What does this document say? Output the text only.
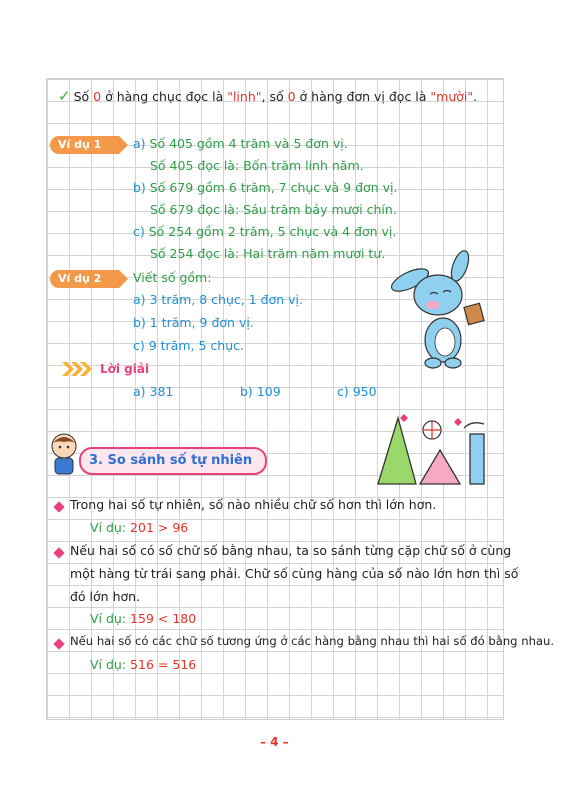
✓ Số 0 ở hàng chục đọc là "linh", số 0 ở hàng đơn vị đọc là "mười".
Ví dụ 1	a) Số 405 gồm 4 trăm và 5 đơn vị.
Số 405 đọc là: Bốn trăm linh năm.
b) Số 679 gồm 6 trăm, 7 chục và 9 đơn vị.
Số 679 đọc là: Sáu trăm bảy mươi chín.
c) Số 254 gồm 2 trăm, 5 chục và 4 đơn vị.
Số 254 đọc là: Hai trăm năm mươi tư.
Ví dụ 2	Viết số gồm:
a) 3 trăm, 8 chục, 1 đơn vị.
b) 1 trăm, 9 đơn vị.
c) 9 trăm, 5 chục.
Lời giải
a) 381	b) 109	c) 950
3. So sánh số tự nhiên
Trong hai số tự nhiên, số nào nhiều chữ số hơn thì lớn hơn.
Ví dụ: 201 > 96
Nếu hai số có số chữ số bằng nhau, ta so sánh từng cặp chữ số ở cùng
một hàng từ trái sang phải. Chữ số cùng hàng của số nào lớn hơn thì số
đó lớn hơn.
Ví dụ: 159 < 180
Nếu hai số có các chữ số tương ứng ở các hàng bằng nhau thì hai số đó bằng nhau.
Ví dụ: 516 = 516
– 4 –
